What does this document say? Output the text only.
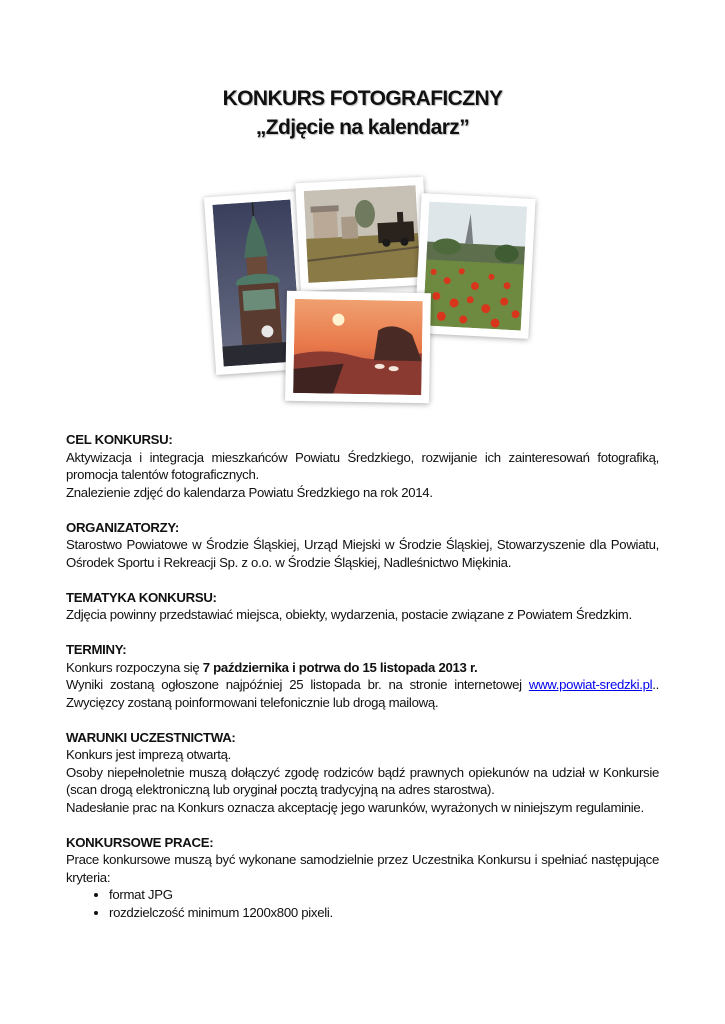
KONKURS FOTOGRAFICZNY
„Zdjęcie na kalendarz”
CEL KONKURSU:
Aktywizacja i integracja mieszkańców Powiatu Średzkiego, rozwijanie ich zainteresowań fotografiką, promocja talentów fotograficznych.
Znalezienie zdjęć do kalendarza Powiatu Średzkiego na rok 2014.
ORGANIZATORZY:
Starostwo Powiatowe w Środzie Śląskiej, Urząd Miejski w Środzie Śląskiej, Stowarzyszenie dla Powiatu, Ośrodek Sportu i Rekreacji Sp. z o.o. w Środzie Śląskiej, Nadleśnictwo Miękinia.
TEMATYKA KONKURSU:
Zdjęcia powinny przedstawiać miejsca, obiekty, wydarzenia, postacie związane z Powiatem Średzkim.
TERMINY:
Konkurs rozpoczyna się 7 października i potrwa do 15 listopada 2013 r.
Wyniki zostaną ogłoszone najpóźniej 25 listopada br. na stronie internetowej www.powiat-sredzki.pl.. Zwycięzcy zostaną poinformowani telefonicznie lub drogą mailową.
WARUNKI UCZESTNICTWA:
Konkurs jest imprezą otwartą.
Osoby niepełnoletnie muszą dołączyć zgodę rodziców bądź prawnych opiekunów na udział w Konkursie (scan drogą elektroniczną lub oryginał pocztą tradycyjną na adres starostwa).
Nadesłanie prac na Konkurs oznacza akceptację jego warunków, wyrażonych w niniejszym regulaminie.
KONKURSOWE PRACE:
Prace konkursowe muszą być wykonane samodzielnie przez Uczestnika Konkursu i spełniać następujące kryteria:
• format JPG
• rozdzielczość minimum 1200x800 pixeli.
